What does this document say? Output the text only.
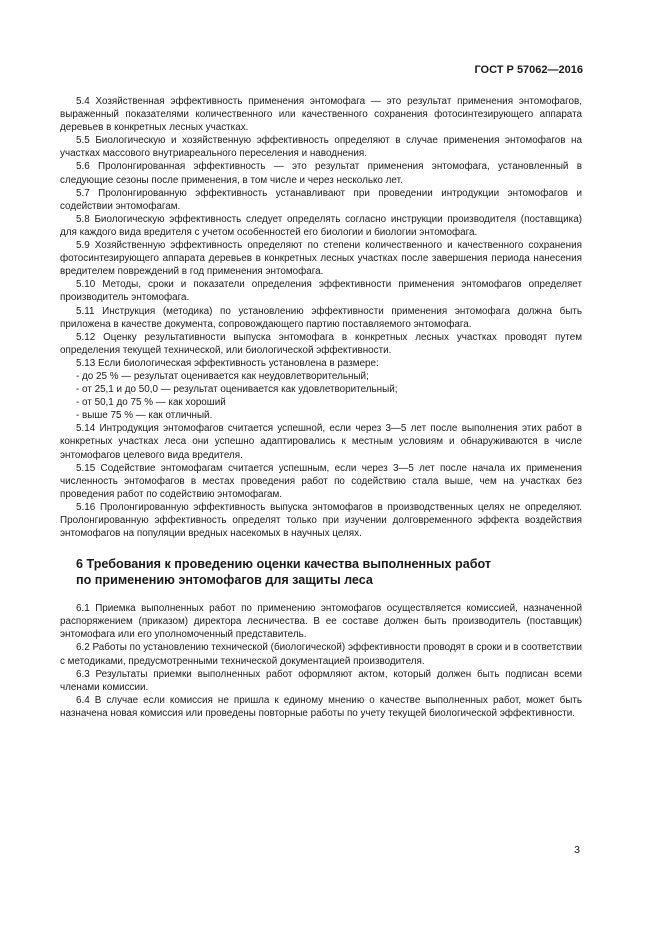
ГОСТ Р 57062—2016

5.4 Хозяйственная эффективность применения энтомофага — это результат применения энтомофагов, выраженный показателями количественного или качественного сохранения фотосинтезирующего аппарата деревьев в конкретных лесных участках.

5.5 Биологическую и хозяйственную эффективность определяют в случае применения энтомофагов на участках массового внутриареального переселения и наводнения.

5.6 Пролонгированная эффективность — это результат применения энтомофага, установленный в следующие сезоны после применения, в том числе и через несколько лет.

5.7 Пролонгированную эффективность устанавливают при проведении интродукции энтомофагов и содействии энтомофагам.

5.8 Биологическую эффективность следует определять согласно инструкции производителя (поставщика) для каждого вида вредителя с учетом особенностей его биологии и биологии энтомофага.

5.9 Хозяйственную эффективность определяют по степени количественного и качественного сохранения фотосинтезирующего аппарата деревьев в конкретных лесных участках после завершения периода нанесения вредителем повреждений в год применения энтомофага.

5.10 Методы, сроки и показатели определения эффективности применения энтомофагов определяет производитель энтомофага.

5.11 Инструкция (методика) по установлению эффективности применения энтомофага должна быть приложена в качестве документа, сопровождающего партию поставляемого энтомофага.

5.12 Оценку результативности выпуска энтомофага в конкретных лесных участках проводят путем определения текущей технической, или биологической эффективности.

5.13 Если биологическая эффективность установлена в размере:

- до 25 % — результат оценивается как неудовлетворительный;

- от 25,1 и до 50,0 — результат оценивается как удовлетворительный;

- от 50,1 до 75 % — как хороший

- выше 75 % — как отличный.

5.14 Интродукция энтомофагов считается успешной, если через 3—5 лет после выполнения этих работ в конкретных участках леса они успешно адаптировались к местным условиям и обнаруживаются в числе энтомофагов целевого вида вредителя.

5.15 Содействие энтомофагам считается успешным, если через 3—5 лет после начала их применения численность энтомофагов в местах проведения работ по содействию стала выше, чем на участках без проведения работ по содействию энтомофагам.

5.16 Пролонгированную эффективность выпуска энтомофагов в производственных целях не определяют. Пролонгированную эффективность определят только при изучении долговременного эффекта воздействия энтомофагов на популяции вредных насекомых в научных целях.

6 Требования к проведению оценки качества выполненных работ
по применению энтомофагов для защиты леса

6.1 Приемка выполненных работ по применению энтомофагов осуществляется комиссией, назначенной распоряжением (приказом) директора лесничества. В ее составе должен быть производитель (поставщик) энтомофага или его уполномоченный представитель.

6.2 Работы по установлению технической (биологической) эффективности проводят в сроки и в соответствии с методиками, предусмотренными технической документацией производителя.

6.3 Результаты приемки выполненных работ оформляют актом, который должен быть подписан всеми членами комиссии.

6.4 В случае если комиссия не пришла к единому мнению о качестве выполненных работ, может быть назначена новая комиссия или проведены повторные работы по учету текущей биологической эффективности.

3
